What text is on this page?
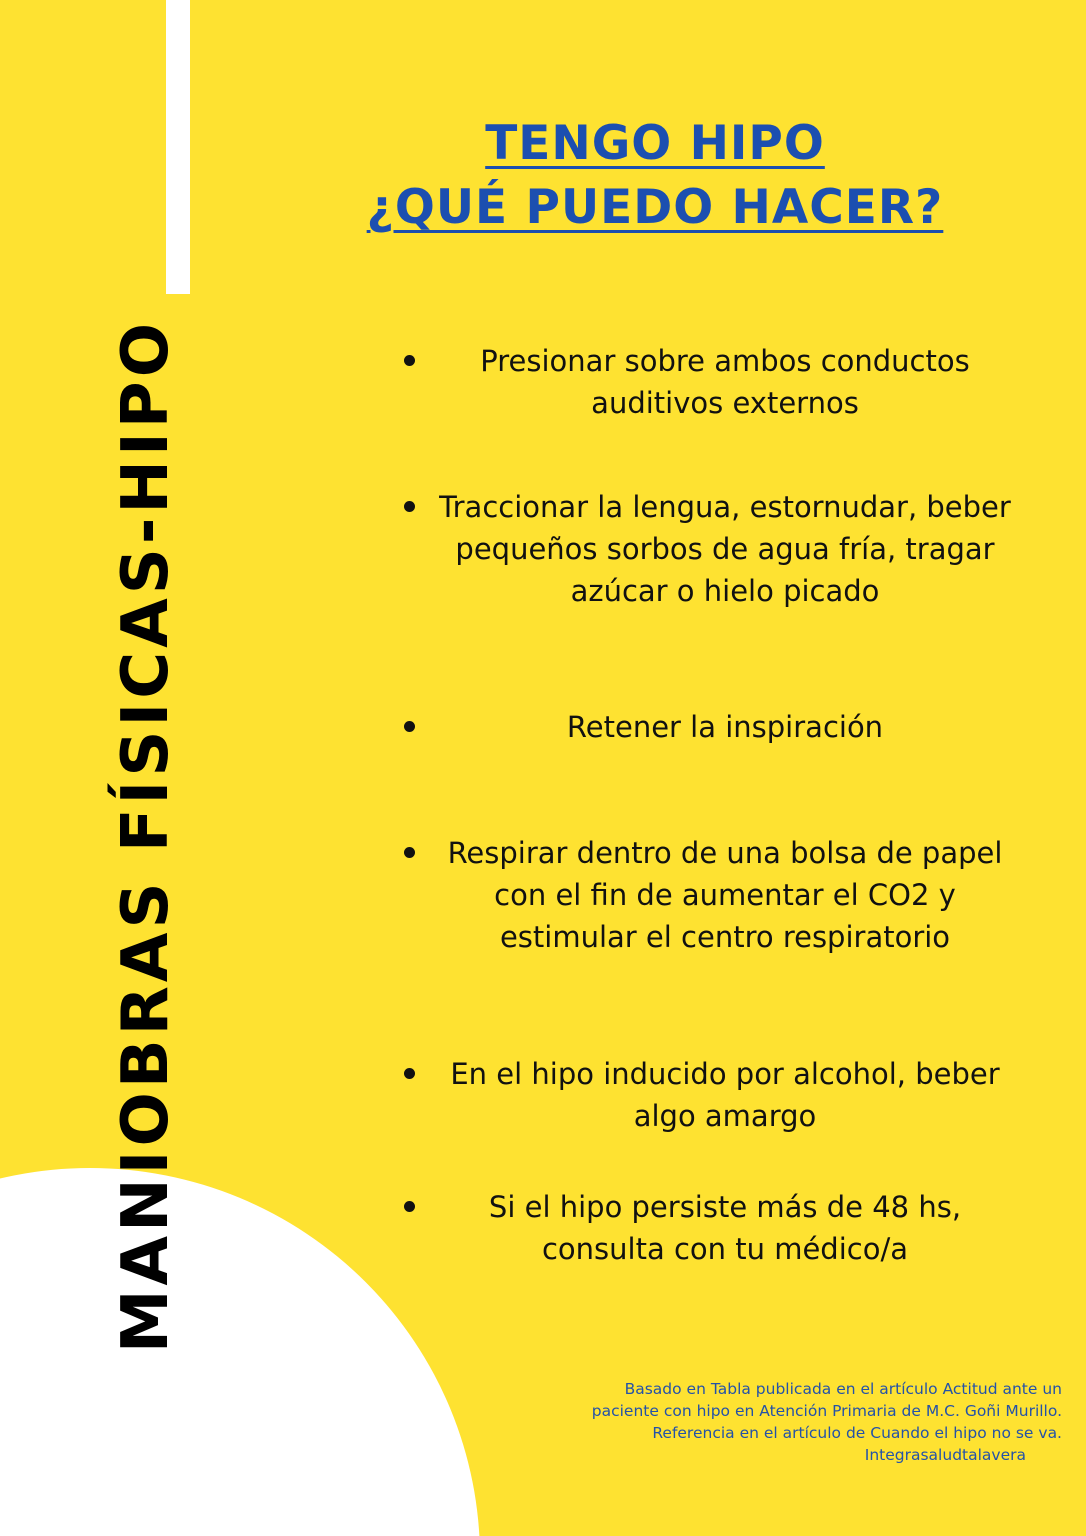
MANIOBRAS FÍSICAS-HIPO
TENGO HIPO
¿QUÉ PUEDO HACER?
Presionar sobre ambos conductos auditivos externos
Traccionar la lengua, estornudar, beber pequeños sorbos de agua fría, tragar azúcar o hielo picado
Retener la inspiración
Respirar dentro de una bolsa de papel con el fin de aumentar el CO2 y estimular el centro respiratorio
En el hipo inducido por alcohol, beber algo amargo
Si el hipo persiste más de 48 hs, consulta con tu médico/a
Basado en Tabla publicada en el artículo Actitud ante un
paciente con hipo en Atención Primaria de M.C. Goñi Murillo.
Referencia en el artículo de Cuando el hipo no se va.
Integrasaludtalavera
